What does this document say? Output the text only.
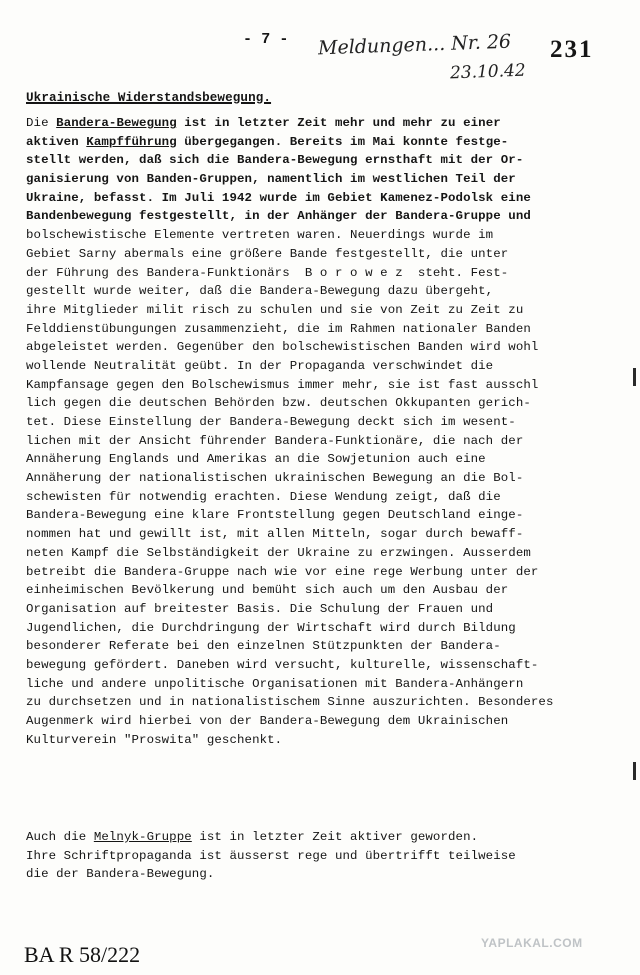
- 7 - Meldungen... Nr. 26
23.10.42
231
Ukrainische Widerstandsbewegung.
Die Bandera-Bewegung ist in letzter Zeit mehr und mehr zu einer
aktiven Kampfführung übergegangen. Bereits im Mai konnte festge-
stellt werden, daß sich die Bandera-Bewegung ernsthaft mit der Or-
ganisierung von Banden-Gruppen, namentlich im westlichen Teil der
Ukraine, befasst. Im Juli 1942 wurde im Gebiet Kamenez-Podolsk eine
Bandenbewegung festgestellt, in der Anhänger der Bandera-Gruppe und
bolschewistische Elemente vertreten waren. Neuerdings wurde im
Gebiet Sarny abermals eine größere Bande festgestellt, die unter
der Führung des Bandera-Funktionärs  B o r o w e z  steht. Fest-
gestellt wurde weiter, daß die Bandera-Bewegung dazu übergeht,
ihre Mitglieder milit risch zu schulen und sie von Zeit zu Zeit zu
Felddienstübungungen zusammenzieht, die im Rahmen nationaler Banden
abgeleistet werden. Gegenüber den bolschewistischen Banden wird wohl
wollende Neutralität geübt. In der Propaganda verschwindet die
Kampfansage gegen den Bolschewismus immer mehr, sie ist fast ausschl
lich gegen die deutschen Behörden bzw. deutschen Okkupanten gerich-
tet. Diese Einstellung der Bandera-Bewegung deckt sich im wesent-
lichen mit der Ansicht führender Bandera-Funktionäre, die nach der
Annäherung Englands und Amerikas an die Sowjetunion auch eine
Annäherung der nationalistischen ukrainischen Bewegung an die Bol-
schewisten für notwendig erachten. Diese Wendung zeigt, daß die
Bandera-Bewegung eine klare Frontstellung gegen Deutschland einge-
nommen hat und gewillt ist, mit allen Mitteln, sogar durch bewaff-
neten Kampf die Selbständigkeit der Ukraine zu erzwingen. Ausserdem
betreibt die Bandera-Gruppe nach wie vor eine rege Werbung unter der
einheimischen Bevölkerung und bemüht sich auch um den Ausbau der
Organisation auf breitester Basis. Die Schulung der Frauen und
Jugendlichen, die Durchdringung der Wirtschaft wird durch Bildung
besonderer Referate bei den einzelnen Stützpunkten der Bandera-
bewegung gefördert. Daneben wird versucht, kulturelle, wissenschaft-
liche und andere unpolitische Organisationen mit Bandera-Anhängern
zu durchsetzen und in nationalistischem Sinne auszurichten. Besonderes
Augenmerk wird hierbei von der Bandera-Bewegung dem Ukrainischen
Kulturverein "Proswita" geschenkt.
Auch die Melnyk-Gruppe ist in letzter Zeit aktiver geworden.
Ihre Schriftpropaganda ist äusserst rege und übertrifft teilweise
die der Bandera-Bewegung.
BA R 58/222	YAPLAKAL.COM
